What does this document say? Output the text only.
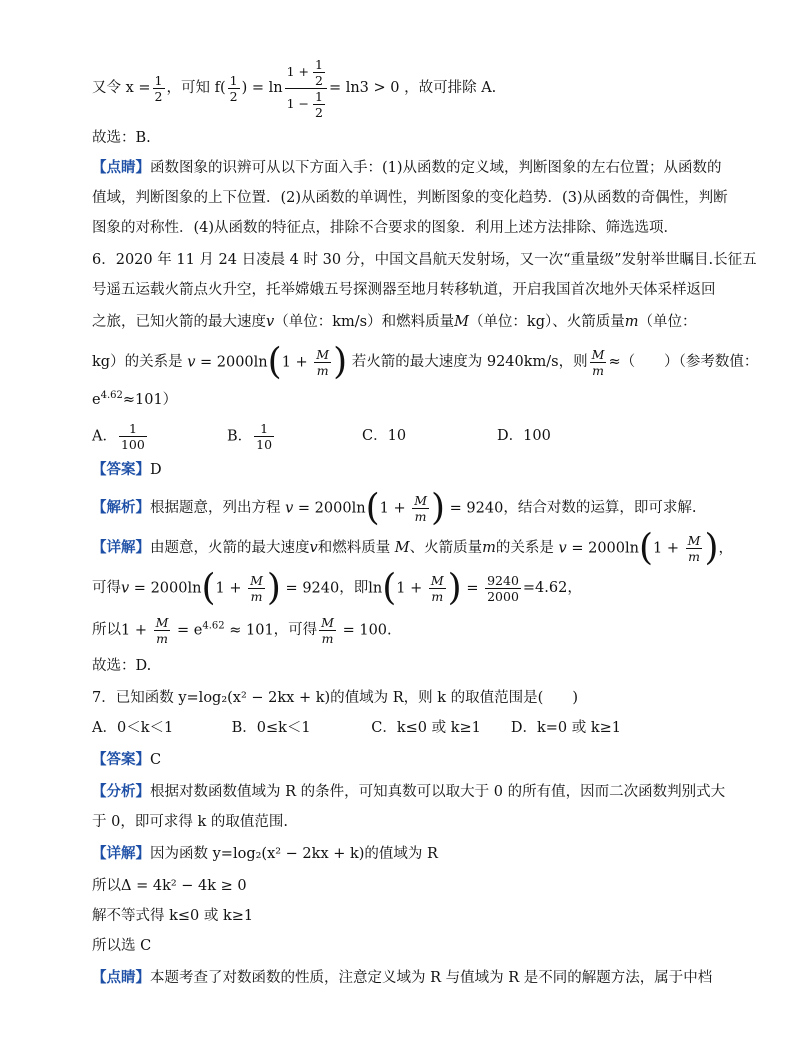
又令 $x = \frac{1}{2}$ ，可知 $f( \frac{1}{2}$ ) = $\ln \frac{1 + \frac{1}{2}}{1 - \frac{1}{2}} = \ln 3 > 0$ ，故可排除 A.
故选：B.
【点睛】函数图象的识辨可从以下方面入手：(1)从函数的定义域，判断图象的左右位置；从函数的
值域，判断图象的上下位置．(2)从函数的单调性，判断图象的变化趋势．(3)从函数的奇偶性，判断
图象的对称性．(4)从函数的特征点，排除不合要求的图象．利用上述方法排除、筛选选项．
6．2020 年 11 月 24 日凌晨 4 时 30 分，中国文昌航天发射场，又一次“重量级”发射举世瞩目.长征五
号遥五运载火箭点火升空，托举嫦娥五号探测器至地月转移轨道，开启我国首次地外天体采样返回
之旅，已知火箭的最大速度v（单位：km/s）和燃料质量M（单位：kg）、火箭质量m（单位：
kg）的关系是 $v = 2000\ln(1 + \frac{M}{m}$ ) 若火箭的最大速度为 9240km/s，则 $\frac{M}{m}$ ≈（　　）（参考数值：
$e^{4.62}\approx 101$）
A． $\frac{1}{100}$	B． $\frac{1}{10}$	C．10	D．100
【答案】D
【解析】 根据题意，列出方程 $v = 2000\ln(1 + \frac{M}{m}$ ) = 9240 ，结合对数的运算，即可求解.
【详解】 由题意，火箭的最大速度 v 和燃料质量 M 、火箭质量 m 的关系是 $v = 2000\ln(1 + \frac{M}{m}$ )，
可得 $v = 2000\ln(1 + \frac{M}{m}$ ) = 9240 ，即 $\ln(1 + \frac{M}{m}$ ) = $\frac{9240}{2000} =4.62$，
所以 $1 + \frac{M}{m} = e^{4.62} \approx 101$ ，可得 $\frac{M}{m} = 100$.
故选：D.
7．已知函数 y=log₂(x² − 2kx + k)的值域为 R，则 k 的取值范围是(　　)
A．0＜k＜1	B．0≤k＜1	C．k≤0 或 k≥1 D．k=0 或 k≥1
【答案】C
【分析】根据对数函数值域为 R 的条件，可知真数可以取大于 0 的所有值，因而二次函数判别式大
于 0，即可求得 k 的取值范围.
【详解】因为函数 y=log₂(x² − 2kx + k)的值域为 R
所以Δ = 4k² − 4k ≥ 0
解不等式得 k≤0 或 k≥1
所以选 C
【点睛】本题考查了对数函数的性质，注意定义域为 R 与值域为 R 是不同的解题方法，属于中档
